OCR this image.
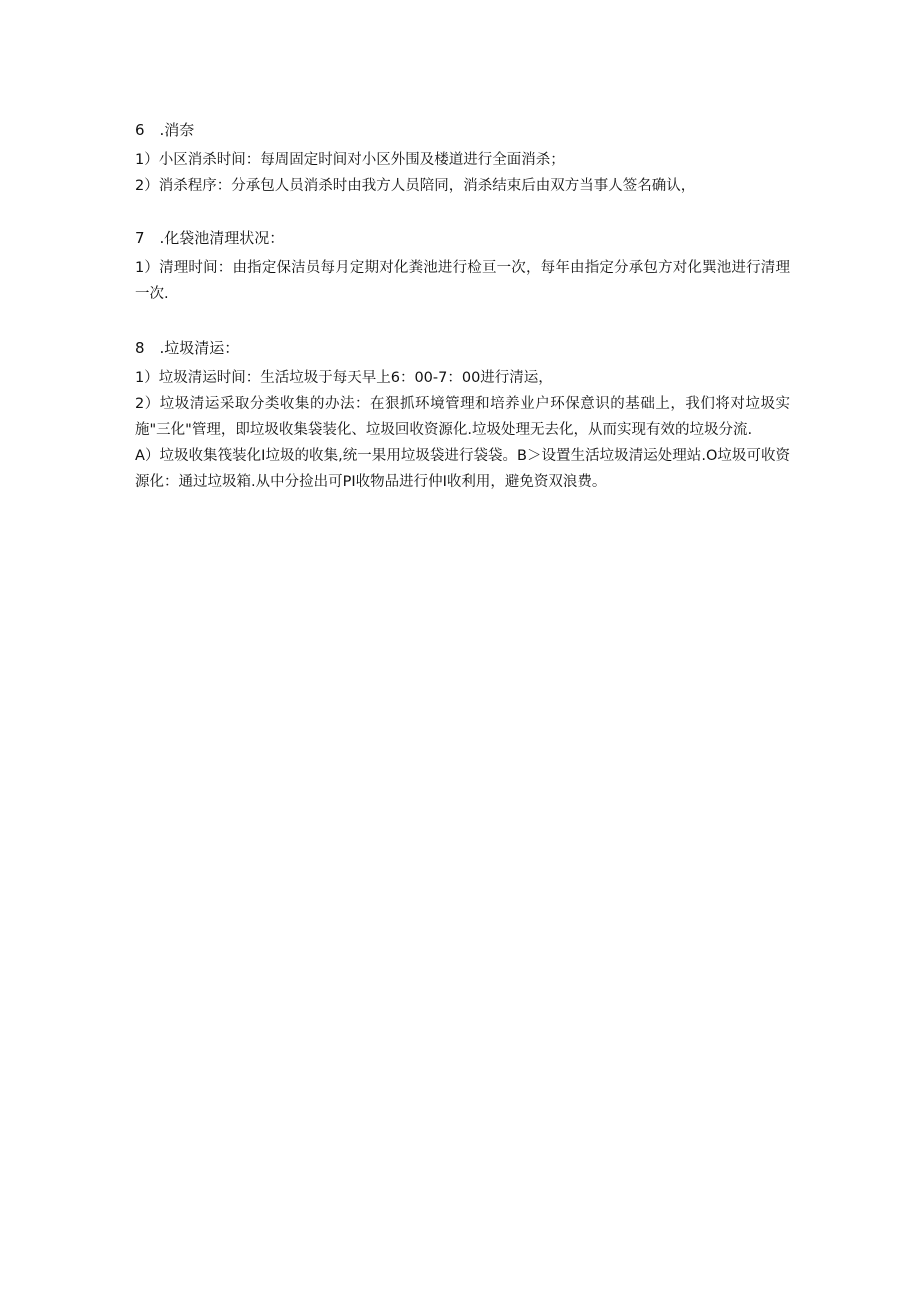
6　.消奈

1）小区消杀时间：每周固定时间对小区外围及楼道进行全面消杀；

2）消杀程序：分承包人员消杀时由我方人员陪同，消杀结束后由双方当事人签名确认，

7　.化袋池清理状况：

1）清理时间：由指定保洁员每月定期对化粪池进行检亘一次，每年由指定分承包方对化巽池进行清理一次.

8　.垃圾清运：

1）垃圾清运时间：生活垃圾于每天早上6：00-7：00进行清运，

2）垃圾清运采取分类收集的办法：在狠抓环境管理和培养业户环保意识的基础上，我们将对垃圾实施"三化"管理，即垃圾收集袋装化、垃圾回收资源化.垃圾处理无去化，从而实现有效的垃圾分流.

A）垃圾收集筏装化I垃圾的收集,统一果用垃圾袋进行袋袋。B＞设置生活垃圾清运处理站.O垃圾可收资源化：通过垃圾箱.从中分捡出可PI收物品进行仲I收利用，避免资双浪费。
